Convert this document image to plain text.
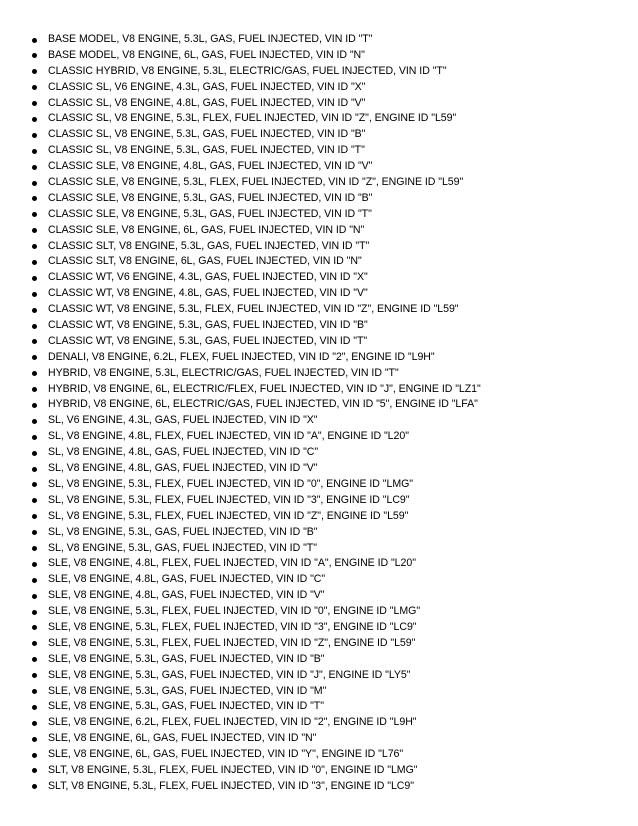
BASE MODEL, V8 ENGINE, 5.3L, GAS, FUEL INJECTED, VIN ID "T"
BASE MODEL, V8 ENGINE, 6L, GAS, FUEL INJECTED, VIN ID "N"
CLASSIC HYBRID, V8 ENGINE, 5.3L, ELECTRIC/GAS, FUEL INJECTED, VIN ID "T"
CLASSIC SL, V6 ENGINE, 4.3L, GAS, FUEL INJECTED, VIN ID "X"
CLASSIC SL, V8 ENGINE, 4.8L, GAS, FUEL INJECTED, VIN ID "V"
CLASSIC SL, V8 ENGINE, 5.3L, FLEX, FUEL INJECTED, VIN ID "Z", ENGINE ID "L59"
CLASSIC SL, V8 ENGINE, 5.3L, GAS, FUEL INJECTED, VIN ID "B"
CLASSIC SL, V8 ENGINE, 5.3L, GAS, FUEL INJECTED, VIN ID "T"
CLASSIC SLE, V8 ENGINE, 4.8L, GAS, FUEL INJECTED, VIN ID "V"
CLASSIC SLE, V8 ENGINE, 5.3L, FLEX, FUEL INJECTED, VIN ID "Z", ENGINE ID "L59"
CLASSIC SLE, V8 ENGINE, 5.3L, GAS, FUEL INJECTED, VIN ID "B"
CLASSIC SLE, V8 ENGINE, 5.3L, GAS, FUEL INJECTED, VIN ID "T"
CLASSIC SLE, V8 ENGINE, 6L, GAS, FUEL INJECTED, VIN ID "N"
CLASSIC SLT, V8 ENGINE, 5.3L, GAS, FUEL INJECTED, VIN ID "T"
CLASSIC SLT, V8 ENGINE, 6L, GAS, FUEL INJECTED, VIN ID "N"
CLASSIC WT, V6 ENGINE, 4.3L, GAS, FUEL INJECTED, VIN ID "X"
CLASSIC WT, V8 ENGINE, 4.8L, GAS, FUEL INJECTED, VIN ID "V"
CLASSIC WT, V8 ENGINE, 5.3L, FLEX, FUEL INJECTED, VIN ID "Z", ENGINE ID "L59"
CLASSIC WT, V8 ENGINE, 5.3L, GAS, FUEL INJECTED, VIN ID "B"
CLASSIC WT, V8 ENGINE, 5.3L, GAS, FUEL INJECTED, VIN ID "T"
DENALI, V8 ENGINE, 6.2L, FLEX, FUEL INJECTED, VIN ID "2", ENGINE ID "L9H"
HYBRID, V8 ENGINE, 5.3L, ELECTRIC/GAS, FUEL INJECTED, VIN ID "T"
HYBRID, V8 ENGINE, 6L, ELECTRIC/FLEX, FUEL INJECTED, VIN ID "J", ENGINE ID "LZ1"
HYBRID, V8 ENGINE, 6L, ELECTRIC/GAS, FUEL INJECTED, VIN ID "5", ENGINE ID "LFA"
SL, V6 ENGINE, 4.3L, GAS, FUEL INJECTED, VIN ID "X"
SL, V8 ENGINE, 4.8L, FLEX, FUEL INJECTED, VIN ID "A", ENGINE ID "L20"
SL, V8 ENGINE, 4.8L, GAS, FUEL INJECTED, VIN ID "C"
SL, V8 ENGINE, 4.8L, GAS, FUEL INJECTED, VIN ID "V"
SL, V8 ENGINE, 5.3L, FLEX, FUEL INJECTED, VIN ID "0", ENGINE ID "LMG"
SL, V8 ENGINE, 5.3L, FLEX, FUEL INJECTED, VIN ID "3", ENGINE ID "LC9"
SL, V8 ENGINE, 5.3L, FLEX, FUEL INJECTED, VIN ID "Z", ENGINE ID "L59"
SL, V8 ENGINE, 5.3L, GAS, FUEL INJECTED, VIN ID "B"
SL, V8 ENGINE, 5.3L, GAS, FUEL INJECTED, VIN ID "T"
SLE, V8 ENGINE, 4.8L, FLEX, FUEL INJECTED, VIN ID "A", ENGINE ID "L20"
SLE, V8 ENGINE, 4.8L, GAS, FUEL INJECTED, VIN ID "C"
SLE, V8 ENGINE, 4.8L, GAS, FUEL INJECTED, VIN ID "V"
SLE, V8 ENGINE, 5.3L, FLEX, FUEL INJECTED, VIN ID "0", ENGINE ID "LMG"
SLE, V8 ENGINE, 5.3L, FLEX, FUEL INJECTED, VIN ID "3", ENGINE ID "LC9"
SLE, V8 ENGINE, 5.3L, FLEX, FUEL INJECTED, VIN ID "Z", ENGINE ID "L59"
SLE, V8 ENGINE, 5.3L, GAS, FUEL INJECTED, VIN ID "B"
SLE, V8 ENGINE, 5.3L, GAS, FUEL INJECTED, VIN ID "J", ENGINE ID "LY5"
SLE, V8 ENGINE, 5.3L, GAS, FUEL INJECTED, VIN ID "M"
SLE, V8 ENGINE, 5.3L, GAS, FUEL INJECTED, VIN ID "T"
SLE, V8 ENGINE, 6.2L, FLEX, FUEL INJECTED, VIN ID "2", ENGINE ID "L9H"
SLE, V8 ENGINE, 6L, GAS, FUEL INJECTED, VIN ID "N"
SLE, V8 ENGINE, 6L, GAS, FUEL INJECTED, VIN ID "Y", ENGINE ID "L76"
SLT, V8 ENGINE, 5.3L, FLEX, FUEL INJECTED, VIN ID "0", ENGINE ID "LMG"
SLT, V8 ENGINE, 5.3L, FLEX, FUEL INJECTED, VIN ID "3", ENGINE ID "LC9"
